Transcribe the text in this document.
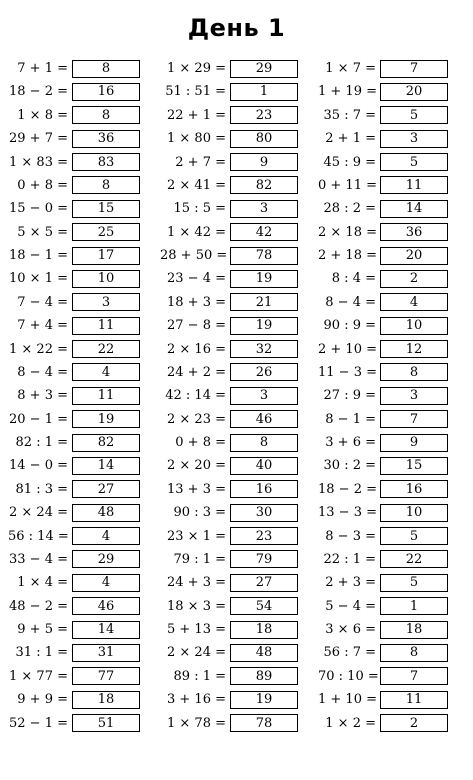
День 1
7 + 1 =	8
18 − 2 =	16
1 × 8 =	8
29 + 7 =	36
1 × 83 =	83
0 + 8 =	8
15 − 0 =	15
5 × 5 =	25
18 − 1 =	17
10 × 1 =	10
7 − 4 =	3
7 + 4 =	11
1 × 22 =	22
8 − 4 =	4
8 + 3 =	11
20 − 1 =	19
82 : 1 =	82
14 − 0 =	14
81 : 3 =	27
2 × 24 =	48
56 : 14 =	4
33 − 4 =	29
1 × 4 =	4
48 − 2 =	46
9 + 5 =	14
31 : 1 =	31
1 × 77 =	77
9 + 9 =	18
52 − 1 =	51
1 × 29 =	29
51 : 51 =	1
22 + 1 =	23
1 × 80 =	80
2 + 7 =	9
2 × 41 =	82
15 : 5 =	3
1 × 42 =	42
28 + 50 =	78
23 − 4 =	19
18 + 3 =	21
27 − 8 =	19
2 × 16 =	32
24 + 2 =	26
42 : 14 =	3
2 × 23 =	46
0 + 8 =	8
2 × 20 =	40
13 + 3 =	16
90 : 3 =	30
23 × 1 =	23
79 : 1 =	79
24 + 3 =	27
18 × 3 =	54
5 + 13 =	18
2 × 24 =	48
89 : 1 =	89
3 + 16 =	19
1 × 78 =	78
1 × 7 =	7
1 + 19 =	20
35 : 7 =	5
2 + 1 =	3
45 : 9 =	5
0 + 11 =	11
28 : 2 =	14
2 × 18 =	36
2 + 18 =	20
8 : 4 =	2
8 − 4 =	4
90 : 9 =	10
2 + 10 =	12
11 − 3 =	8
27 : 9 =	3
8 − 1 =	7
3 + 6 =	9
30 : 2 =	15
18 − 2 =	16
13 − 3 =	10
8 − 3 =	5
22 : 1 =	22
2 + 3 =	5
5 − 4 =	1
3 × 6 =	18
56 : 7 =	8
70 : 10 =	7
1 + 10 =	11
1 × 2 =	2
